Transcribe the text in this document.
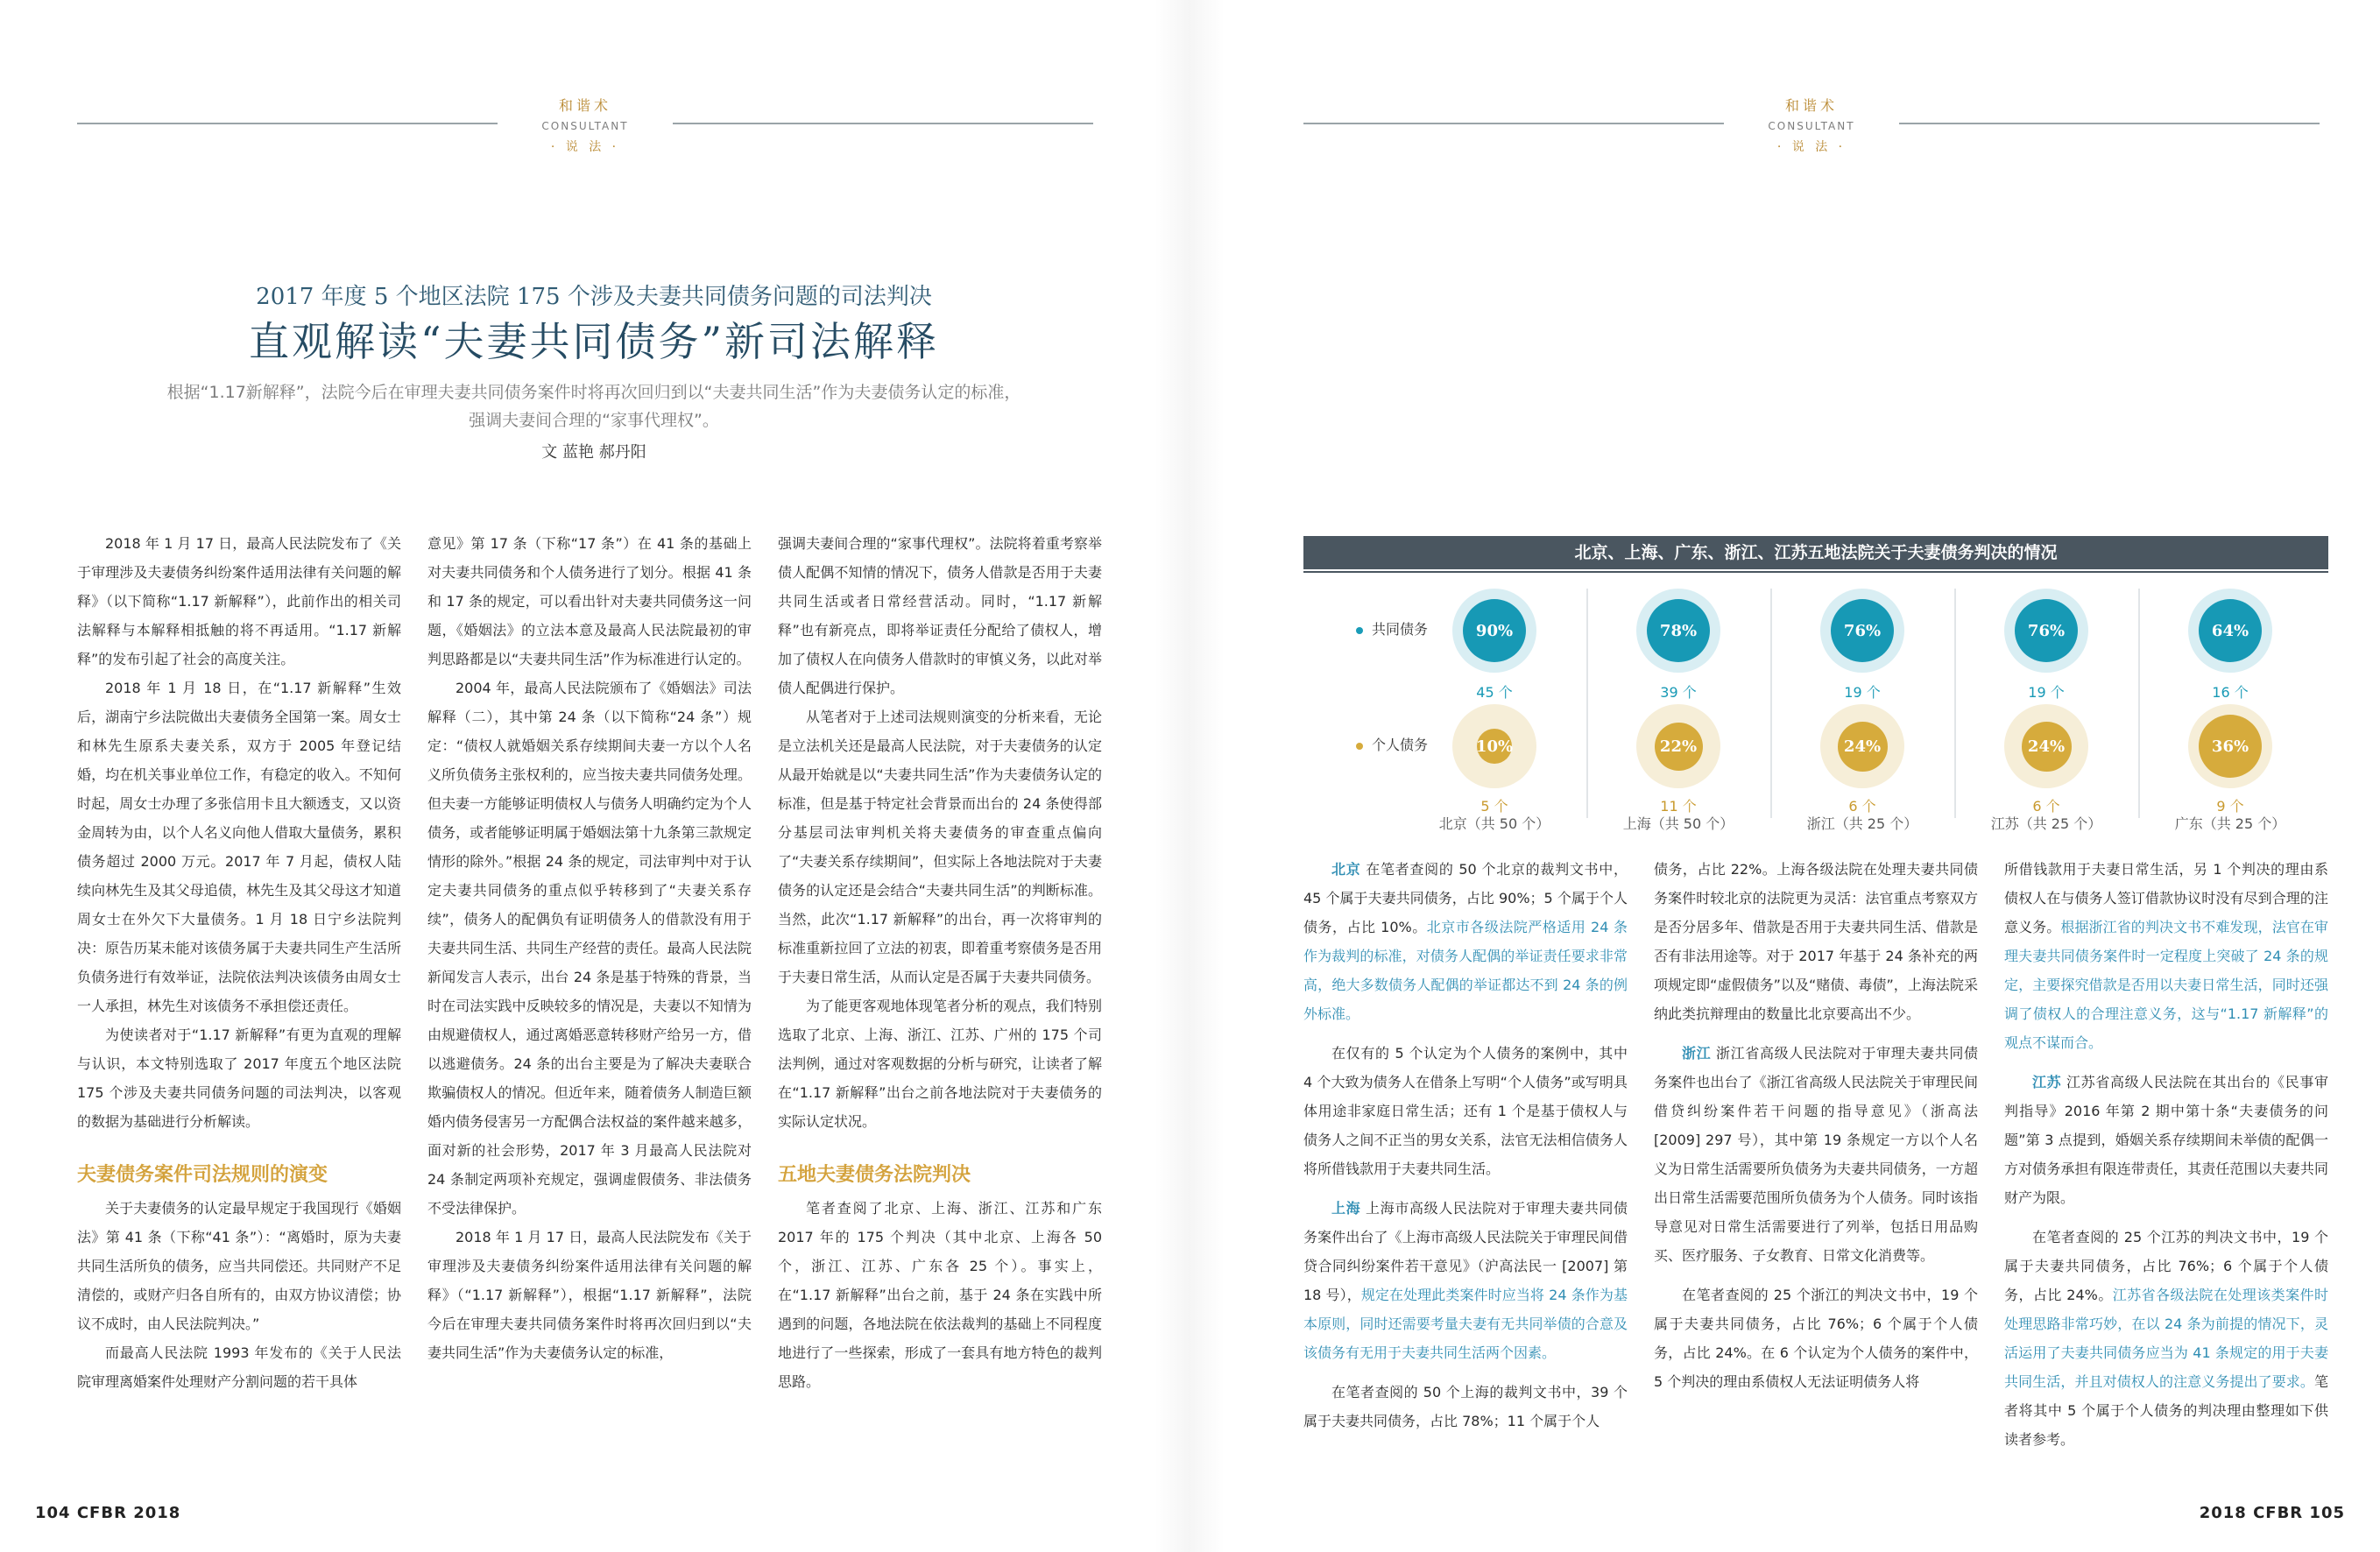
和谐术
CONSULTANT
· 说 法 ·
2017 年度 5 个地区法院 175 个涉及夫妻共同债务问题的司法判决
直观解读“夫妻共同债务”新司法解释
根据“1.17新解释”，法院今后在审理夫妻共同债务案件时将再次回归到以“夫妻共同生活”作为夫妻债务认定的标准，
强调夫妻间合理的“家事代理权”。
文 蓝艳 郝丹阳

2018 年 1 月 17 日，最高人民法院发布了《关于审理涉及夫妻债务纠纷案件适用法律有关问题的解释》（以下简称“1.17 新解释”），此前作出的相关司法解释与本解释相抵触的将不再适用。“1.17 新解释”的发布引起了社会的高度关注。

2018 年 1 月 18 日，在“1.17 新解释”生效后，湖南宁乡法院做出夫妻债务全国第一案。周女士和林先生原系夫妻关系，双方于 2005 年登记结婚，均在机关事业单位工作，有稳定的收入。不知何时起，周女士办理了多张信用卡且大额透支，又以资金周转为由，以个人名义向他人借取大量债务，累积债务超过 2000 万元。2017 年 7 月起，债权人陆续向林先生及其父母追债，林先生及其父母这才知道周女士在外欠下大量债务。1 月 18 日宁乡法院判决：原告历某未能对该债务属于夫妻共同生产生活所负债务进行有效举证，法院依法判决该债务由周女士一人承担，林先生对该债务不承担偿还责任。

为使读者对于“1.17 新解释”有更为直观的理解与认识，本文特别选取了 2017 年度五个地区法院 175 个涉及夫妻共同债务问题的司法判决，以客观的数据为基础进行分析解读。

夫妻债务案件司法规则的演变

关于夫妻债务的认定最早规定于我国现行《婚姻法》第 41 条（下称“41 条”）：“离婚时，原为夫妻共同生活所负的债务，应当共同偿还。共同财产不足清偿的，或财产归各自所有的，由双方协议清偿；协议不成时，由人民法院判决。”

而最高人民法院 1993 年发布的《关于人民法院审理离婚案件处理财产分割问题的若干具体

意见》第 17 条（下称“17 条”）在 41 条的基础上对夫妻共同债务和个人债务进行了划分。根据 41 条和 17 条的规定，可以看出针对夫妻共同债务这一问题，《婚姻法》的立法本意及最高人民法院最初的审判思路都是以“夫妻共同生活”作为标准进行认定的。

2004 年，最高人民法院颁布了《婚姻法》司法解释（二），其中第 24 条（以下简称“24 条”）规定：“债权人就婚姻关系存续期间夫妻一方以个人名义所负债务主张权利的，应当按夫妻共同债务处理。但夫妻一方能够证明债权人与债务人明确约定为个人债务，或者能够证明属于婚姻法第十九条第三款规定情形的除外。”根据 24 条的规定，司法审判中对于认定夫妻共同债务的重点似乎转移到了“夫妻关系存续”，债务人的配偶负有证明债务人的借款没有用于夫妻共同生活、共同生产经营的责任。最高人民法院新闻发言人表示，出台 24 条是基于特殊的背景，当时在司法实践中反映较多的情况是，夫妻以不知情为由规避债权人，通过离婚恶意转移财产给另一方，借以逃避债务。24 条的出台主要是为了解决夫妻联合欺骗债权人的情况。但近年来，随着债务人制造巨额婚内债务侵害另一方配偶合法权益的案件越来越多，面对新的社会形势，2017 年 3 月最高人民法院对 24 条制定两项补充规定，强调虚假债务、非法债务不受法律保护。

2018 年 1 月 17 日，最高人民法院发布《关于审理涉及夫妻债务纠纷案件适用法律有关问题的解释》（“1.17 新解释”），根据“1.17 新解释”，法院今后在审理夫妻共同债务案件时将再次回归到以“夫妻共同生活”作为夫妻债务认定的标准，

强调夫妻间合理的“家事代理权”。法院将着重考察举债人配偶不知情的情况下，债务人借款是否用于夫妻共同生活或者日常经营活动。同时，“1.17 新解释”也有新亮点，即将举证责任分配给了债权人，增加了债权人在向债务人借款时的审慎义务，以此对举债人配偶进行保护。

从笔者对于上述司法规则演变的分析来看，无论是立法机关还是最高人民法院，对于夫妻债务的认定从最开始就是以“夫妻共同生活”作为夫妻债务认定的标准，但是基于特定社会背景而出台的 24 条使得部分基层司法审判机关将夫妻债务的审查重点偏向了“夫妻关系存续期间”，但实际上各地法院对于夫妻债务的认定还是会结合“夫妻共同生活”的判断标准。当然，此次“1.17 新解释”的出台，再一次将审判的标准重新拉回了立法的初衷，即着重考察债务是否用于夫妻日常生活，从而认定是否属于夫妻共同债务。

为了能更客观地体现笔者分析的观点，我们特别选取了北京、上海、浙江、江苏、广州的 175 个司法判例，通过对客观数据的分析与研究，让读者了解在“1.17 新解释”出台之前各地法院对于夫妻债务的实际认定状况。

五地夫妻债务法院判决

笔者查阅了北京、上海、浙江、江苏和广东 2017 年的 175 个判决（其中北京、上海各 50 个，浙江、江苏、广东各 25 个）。事实上，在“1.17 新解释”出台之前，基于 24 条在实践中所遇到的问题，各地法院在依法裁判的基础上不同程度地进行了一些探索，形成了一套具有地方特色的裁判思路。

104 CFBR 2018
和谐术
CONSULTANT
· 说 法 ·
北京、上海、广东、浙江、江苏五地法院关于夫妻债务判决的情况
共同债务
个人债务
90%
45 个
10%
5 个
北京（共 50 个）
78%
39 个
22%
11 个
上海（共 50 个）
76%
19 个
24%
6 个
浙江（共 25 个）
76%
19 个
24%
6 个
江苏（共 25 个）
64%
16 个
36%
9 个
广东（共 25 个）

北京 在笔者查阅的 50 个北京的裁判文书中，45 个属于夫妻共同债务，占比 90%；5 个属于个人债务，占比 10%。北京市各级法院严格适用 24 条作为裁判的标准，对债务人配偶的举证责任要求非常高，绝大多数债务人配偶的举证都达不到 24 条的例外标准。

在仅有的 5 个认定为个人债务的案例中，其中 4 个大致为债务人在借条上写明“个人债务”或写明具体用途非家庭日常生活；还有 1 个是基于债权人与债务人之间不正当的男女关系，法官无法相信债务人将所借钱款用于夫妻共同生活。

上海 上海市高级人民法院对于审理夫妻共同债务案件出台了《上海市高级人民法院关于审理民间借贷合同纠纷案件若干意见》（沪高法民一 [2007] 第 18 号），规定在处理此类案件时应当将 24 条作为基本原则，同时还需要考量夫妻有无共同举债的合意及该债务有无用于夫妻共同生活两个因素。

在笔者查阅的 50 个上海的裁判文书中，39 个属于夫妻共同债务，占比 78%；11 个属于个人

债务，占比 22%。上海各级法院在处理夫妻共同债务案件时较北京的法院更为灵活：法官重点考察双方是否分居多年、借款是否用于夫妻共同生活、借款是否有非法用途等。对于 2017 年基于 24 条补充的两项规定即“虚假债务”以及“赌债、毒债”，上海法院采纳此类抗辩理由的数量比北京要高出不少。

浙江 浙江省高级人民法院对于审理夫妻共同债务案件也出台了《浙江省高级人民法院关于审理民间借贷纠纷案件若干问题的指导意见》（浙高法 [2009] 297 号），其中第 19 条规定一方以个人名义为日常生活需要所负债务为夫妻共同债务，一方超出日常生活需要范围所负债务为个人债务。同时该指导意见对日常生活需要进行了列举，包括日用品购买、医疗服务、子女教育、日常文化消费等。

在笔者查阅的 25 个浙江的判决文书中，19 个属于夫妻共同债务，占比 76%；6 个属于个人债务，占比 24%。在 6 个认定为个人债务的案件中，5 个判决的理由系债权人无法证明债务人将

所借钱款用于夫妻日常生活，另 1 个判决的理由系债权人在与债务人签订借款协议时没有尽到合理的注意义务。根据浙江省的判决文书不难发现，法官在审理夫妻共同债务案件时一定程度上突破了 24 条的规定，主要探究借款是否用以夫妻日常生活，同时还强调了债权人的合理注意义务，这与“1.17 新解释”的观点不谋而合。

江苏 江苏省高级人民法院在其出台的《民事审判指导》2016 年第 2 期中第十条“夫妻债务的问题”第 3 点提到，婚姻关系存续期间未举债的配偶一方对债务承担有限连带责任，其责任范围以夫妻共同财产为限。

在笔者查阅的 25 个江苏的判决文书中，19 个属于夫妻共同债务，占比 76%；6 个属于个人债务，占比 24%。江苏省各级法院在处理该类案件时处理思路非常巧妙，在以 24 条为前提的情况下，灵活运用了夫妻共同债务应当为 41 条规定的用于夫妻共同生活，并且对债权人的注意义务提出了要求。笔者将其中 5 个属于个人债务的判决理由整理如下供读者参考。

2018 CFBR 105
